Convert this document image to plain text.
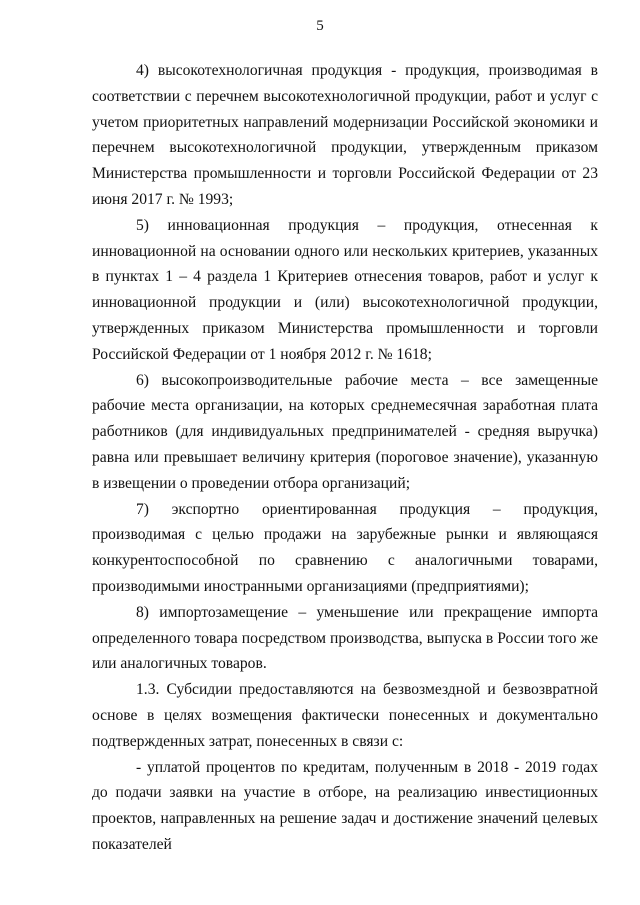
5

4) высокотехнологичная продукция - продукция, производимая в соответствии с перечнем высокотехнологичной продукции, работ и услуг с учетом приоритетных направлений модернизации Российской экономики и перечнем высокотехнологичной продукции, утвержденным приказом Министерства промышленности и торговли Российской Федерации от 23 июня 2017 г. № 1993;

5) инновационная продукция – продукция, отнесенная к инновационной на основании одного или нескольких критериев, указанных в пунктах 1 – 4 раздела 1 Критериев отнесения товаров, работ и услуг к инновационной продукции и (или) высокотехнологичной продукции, утвержденных приказом Министерства промышленности и торговли Российской Федерации от 1 ноября 2012 г. № 1618;

6) высокопроизводительные рабочие места – все замещенные рабочие места организации, на которых среднемесячная заработная плата работников (для индивидуальных предпринимателей - средняя выручка) равна или превышает величину критерия (пороговое значение), указанную в извещении о проведении отбора организаций;

7) экспортно ориентированная продукция – продукция, производимая с целью продажи на зарубежные рынки и являющаяся конкурентоспособной по сравнению с аналогичными товарами, производимыми иностранными организациями (предприятиями);

8) импортозамещение – уменьшение или прекращение импорта определенного товара посредством производства, выпуска в России того же или аналогичных товаров.

1.3. Субсидии предоставляются на безвозмездной и безвозвратной основе в целях возмещения фактически понесенных и документально подтвержденных затрат, понесенных в связи с:

- уплатой процентов по кредитам, полученным в 2018 - 2019 годах до подачи заявки на участие в отборе, на реализацию инвестиционных проектов, направленных на решение задач и достижение значений целевых показателей
